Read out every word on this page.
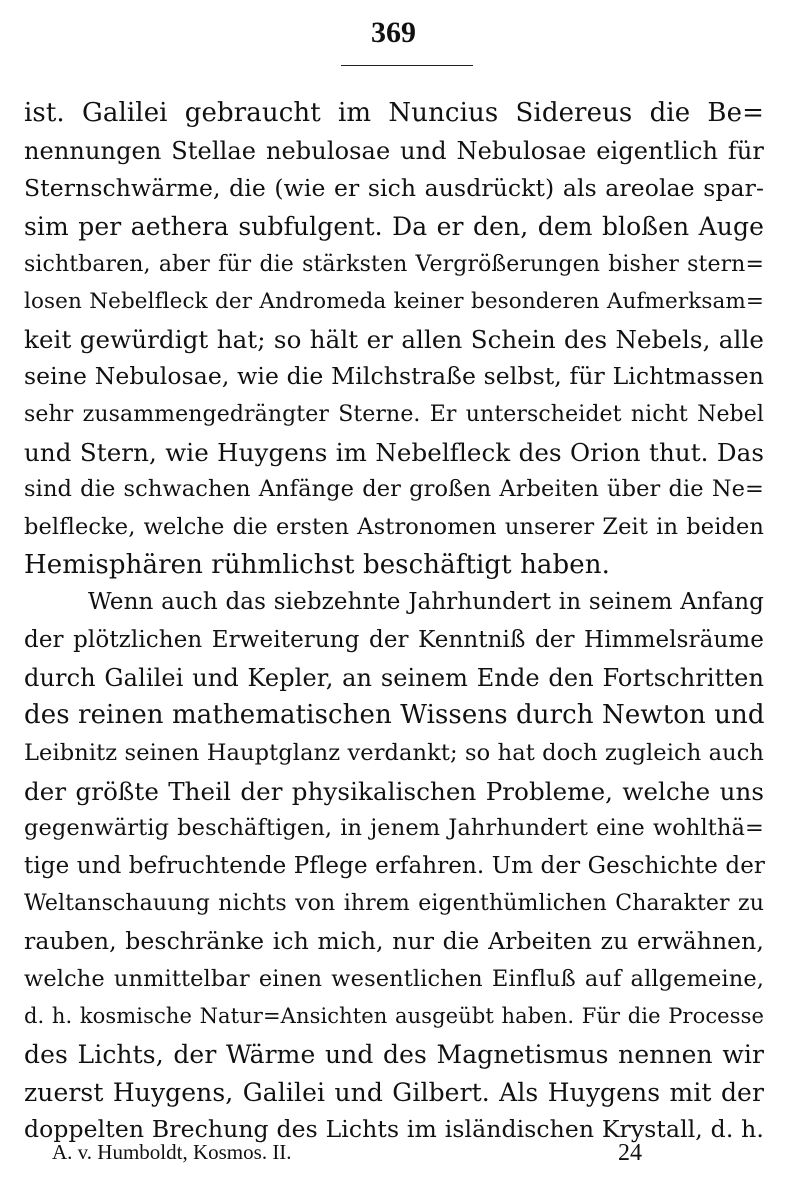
369
ist. Galilei gebraucht im Nuncius Sidereus die Be=
nennungen Stellae nebulosae und Nebulosae eigentlich für
Sternschwärme, die (wie er sich ausdrückt) als areolae spar-
sim per aethera subfulgent. Da er den, dem bloßen Auge
sichtbaren, aber für die stärksten Vergrößerungen bisher stern=
losen Nebelfleck der Andromeda keiner besonderen Aufmerksam=
keit gewürdigt hat; so hält er allen Schein des Nebels, alle
seine Nebulosae, wie die Milchstraße selbst, für Lichtmassen
sehr zusammengedrängter Sterne. Er unterscheidet nicht Nebel
und Stern, wie Huygens im Nebelfleck des Orion thut. Das
sind die schwachen Anfänge der großen Arbeiten über die Ne=
belflecke, welche die ersten Astronomen unserer Zeit in beiden
Hemisphären rühmlichst beschäftigt haben.
Wenn auch das siebzehnte Jahrhundert in seinem Anfang
der plötzlichen Erweiterung der Kenntniß der Himmelsräume
durch Galilei und Kepler, an seinem Ende den Fortschritten
des reinen mathematischen Wissens durch Newton und
Leibnitz seinen Hauptglanz verdankt; so hat doch zugleich auch
der größte Theil der physikalischen Probleme, welche uns
gegenwärtig beschäftigen, in jenem Jahrhundert eine wohlthä=
tige und befruchtende Pflege erfahren. Um der Geschichte der
Weltanschauung nichts von ihrem eigenthümlichen Charakter zu
rauben, beschränke ich mich, nur die Arbeiten zu erwähnen,
welche unmittelbar einen wesentlichen Einfluß auf allgemeine,
d. h. kosmische Natur=Ansichten ausgeübt haben. Für die Processe
des Lichts, der Wärme und des Magnetismus nennen wir
zuerst Huygens, Galilei und Gilbert. Als Huygens mit der
doppelten Brechung des Lichts im isländischen Krystall, d. h.
A. v. Humboldt, Kosmos. II.	24
